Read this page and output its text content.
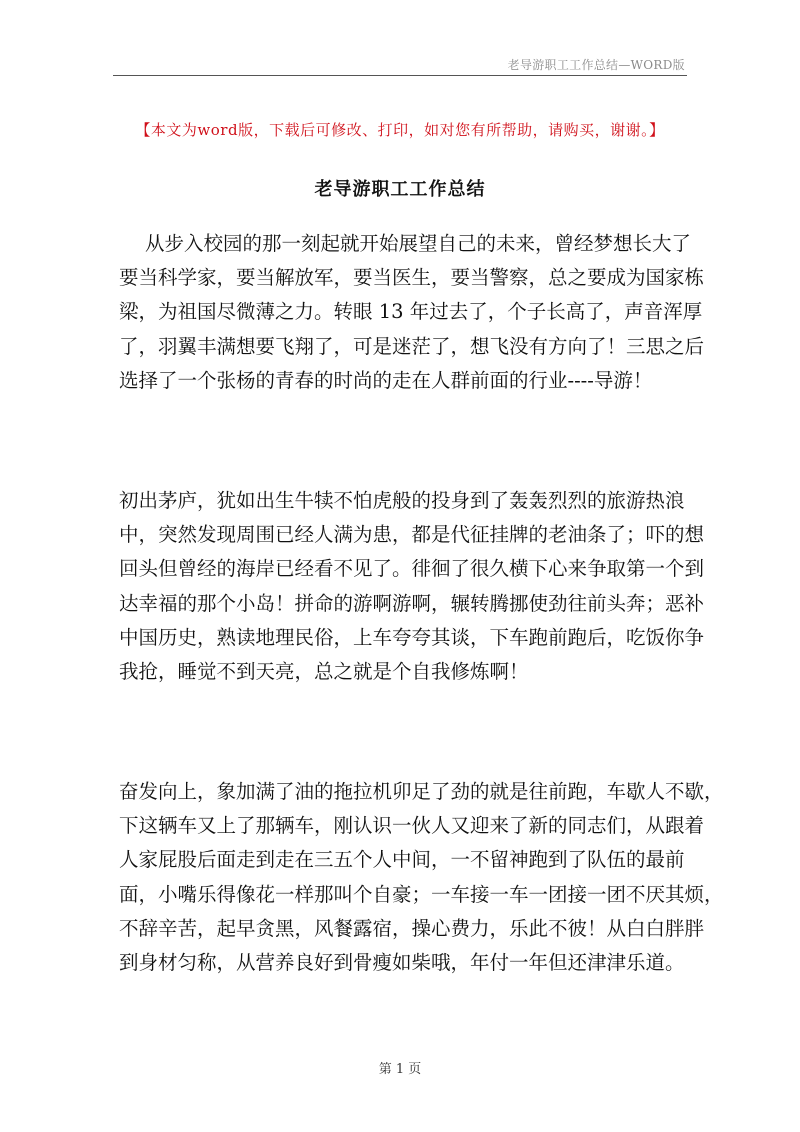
老导游职工工作总结—WORD版
【本文为word版，下载后可修改、打印，如对您有所帮助，请购买，谢谢。】
老导游职工工作总结
从步入校园的那一刻起就开始展望自己的未来，曾经梦想长大了
要当科学家，要当解放军，要当医生，要当警察，总之要成为国家栋
梁，为祖国尽微薄之力。转眼 13 年过去了，个子长高了，声音浑厚
了，羽翼丰满想要飞翔了，可是迷茫了，想飞没有方向了！三思之后
选择了一个张杨的青春的时尚的走在人群前面的行业----导游！
初出茅庐，犹如出生牛犊不怕虎般的投身到了轰轰烈烈的旅游热浪
中，突然发现周围已经人满为患，都是代征挂牌的老油条了；吓的想
回头但曾经的海岸已经看不见了。徘徊了很久横下心来争取第一个到
达幸福的那个小岛！拼命的游啊游啊，辗转腾挪使劲往前头奔；恶补
中国历史，熟读地理民俗，上车夸夸其谈，下车跑前跑后，吃饭你争
我抢，睡觉不到天亮，总之就是个自我修炼啊！
奋发向上，象加满了油的拖拉机卯足了劲的就是往前跑，车歇人不歇，
下这辆车又上了那辆车，刚认识一伙人又迎来了新的同志们，从跟着
人家屁股后面走到走在三五个人中间，一不留神跑到了队伍的最前
面，小嘴乐得像花一样那叫个自豪；一车接一车一团接一团不厌其烦，
不辞辛苦，起早贪黑，风餐露宿，操心费力，乐此不彼！从白白胖胖
到身材匀称，从营养良好到骨瘦如柴哦，年付一年但还津津乐道。
第 1 页
